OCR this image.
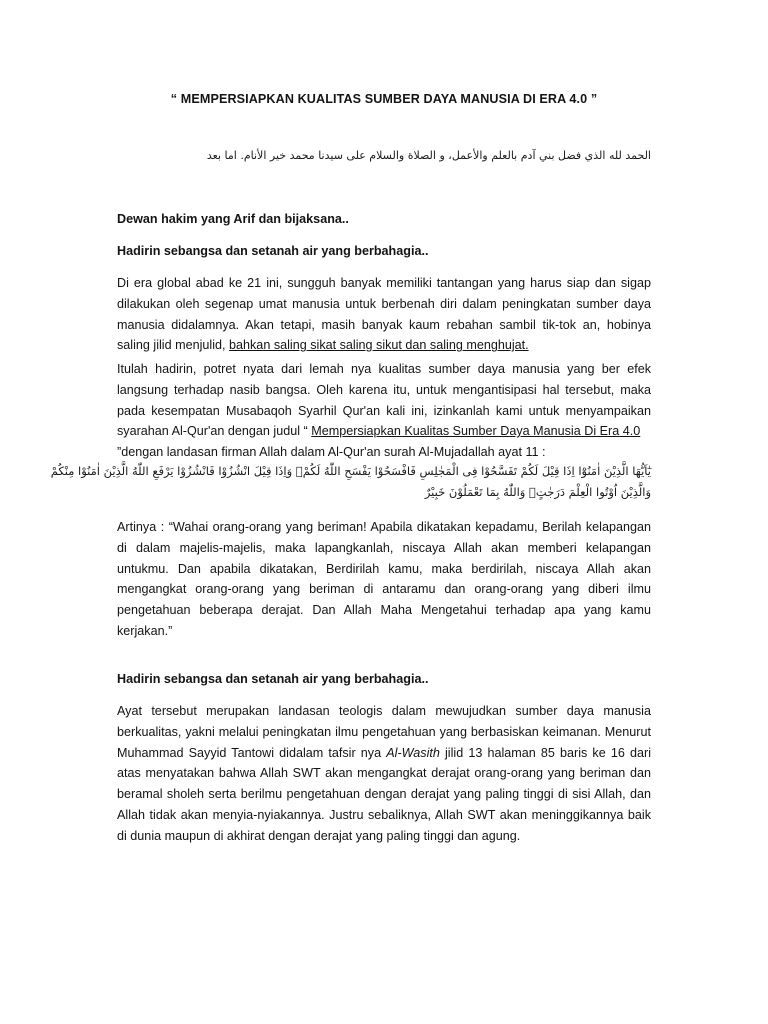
“ MEMPERSIAPKAN KUALITAS SUMBER DAYA MANUSIA DI ERA 4.0 ”
الحمد لله الذي فضل بني آدم بالعلم والأعمل، و الصلاة والسلام على سيدنا محمد خير الأنام. اما بعد
Dewan hakim yang Arif dan bijaksana..
Hadirin sebangsa dan setanah air yang berbahagia..
Di era global abad ke 21 ini, sungguh banyak memiliki tantangan yang harus siap dan sigap dilakukan oleh segenap umat manusia untuk berbenah diri dalam peningkatan sumber daya manusia didalamnya. Akan tetapi, masih banyak kaum rebahan sambil tik-tok an, hobinya saling jilid menjulid, bahkan saling sikat saling sikut dan saling menghujat.
Itulah hadirin, potret nyata dari lemah nya kualitas sumber daya manusia yang ber efek langsung terhadap nasib bangsa. Oleh karena itu, untuk mengantisipasi hal tersebut, maka pada kesempatan Musabaqoh Syarhil Qur'an kali ini, izinkanlah kami untuk menyampaikan syarahan Al-Qur'an dengan judul “ Mempersiapkan Kualitas Sumber Daya Manusia Di Era 4.0
”dengan landasan firman Allah dalam Al-Qur'an surah Al-Mujadallah ayat 11 :
يٰٓاَيُّهَا الَّذِيْنَ اٰمَنُوْٓا اِذَا قِيْلَ لَكُمْ تَفَسَّحُوْا فِى الْمَجٰلِسِ فَافْسَحُوْا يَفْسَحِ اللّٰهُ لَكُمْۚ وَاِذَا قِيْلَ انْشُزُوْا فَانْشُزُوْا يَرْفَعِ اللّٰهُ الَّذِيْنَ اٰمَنُوْا مِنْكُمْ
وَالَّذِيْنَ اُوْتُوا الْعِلْمَ دَرَجٰتٍۗ وَاللّٰهُ بِمَا تَعْمَلُوْنَ خَبِيْرٌ
Artinya : “Wahai orang-orang yang beriman! Apabila dikatakan kepadamu, Berilah kelapangan di dalam majelis-majelis, maka lapangkanlah, niscaya Allah akan memberi kelapangan untukmu. Dan apabila dikatakan, Berdirilah kamu, maka berdirilah, niscaya Allah akan mengangkat orang-orang yang beriman di antaramu dan orang-orang yang diberi ilmu pengetahuan beberapa derajat. Dan Allah Maha Mengetahui terhadap apa yang kamu kerjakan.”
Hadirin sebangsa dan setanah air yang berbahagia..
Ayat tersebut merupakan landasan teologis dalam mewujudkan sumber daya manusia berkualitas, yakni melalui peningkatan ilmu pengetahuan yang berbasiskan keimanan. Menurut Muhammad Sayyid Tantowi didalam tafsir nya Al-Wasith jilid 13 halaman 85 baris ke 16 dari atas menyatakan bahwa Allah SWT akan mengangkat derajat orang-orang yang beriman dan beramal sholeh serta berilmu pengetahuan dengan derajat yang paling tinggi di sisi Allah, dan Allah tidak akan menyia-nyiakannya. Justru sebaliknya, Allah SWT akan meninggikannya baik di dunia maupun di akhirat dengan derajat yang paling tinggi dan agung.
